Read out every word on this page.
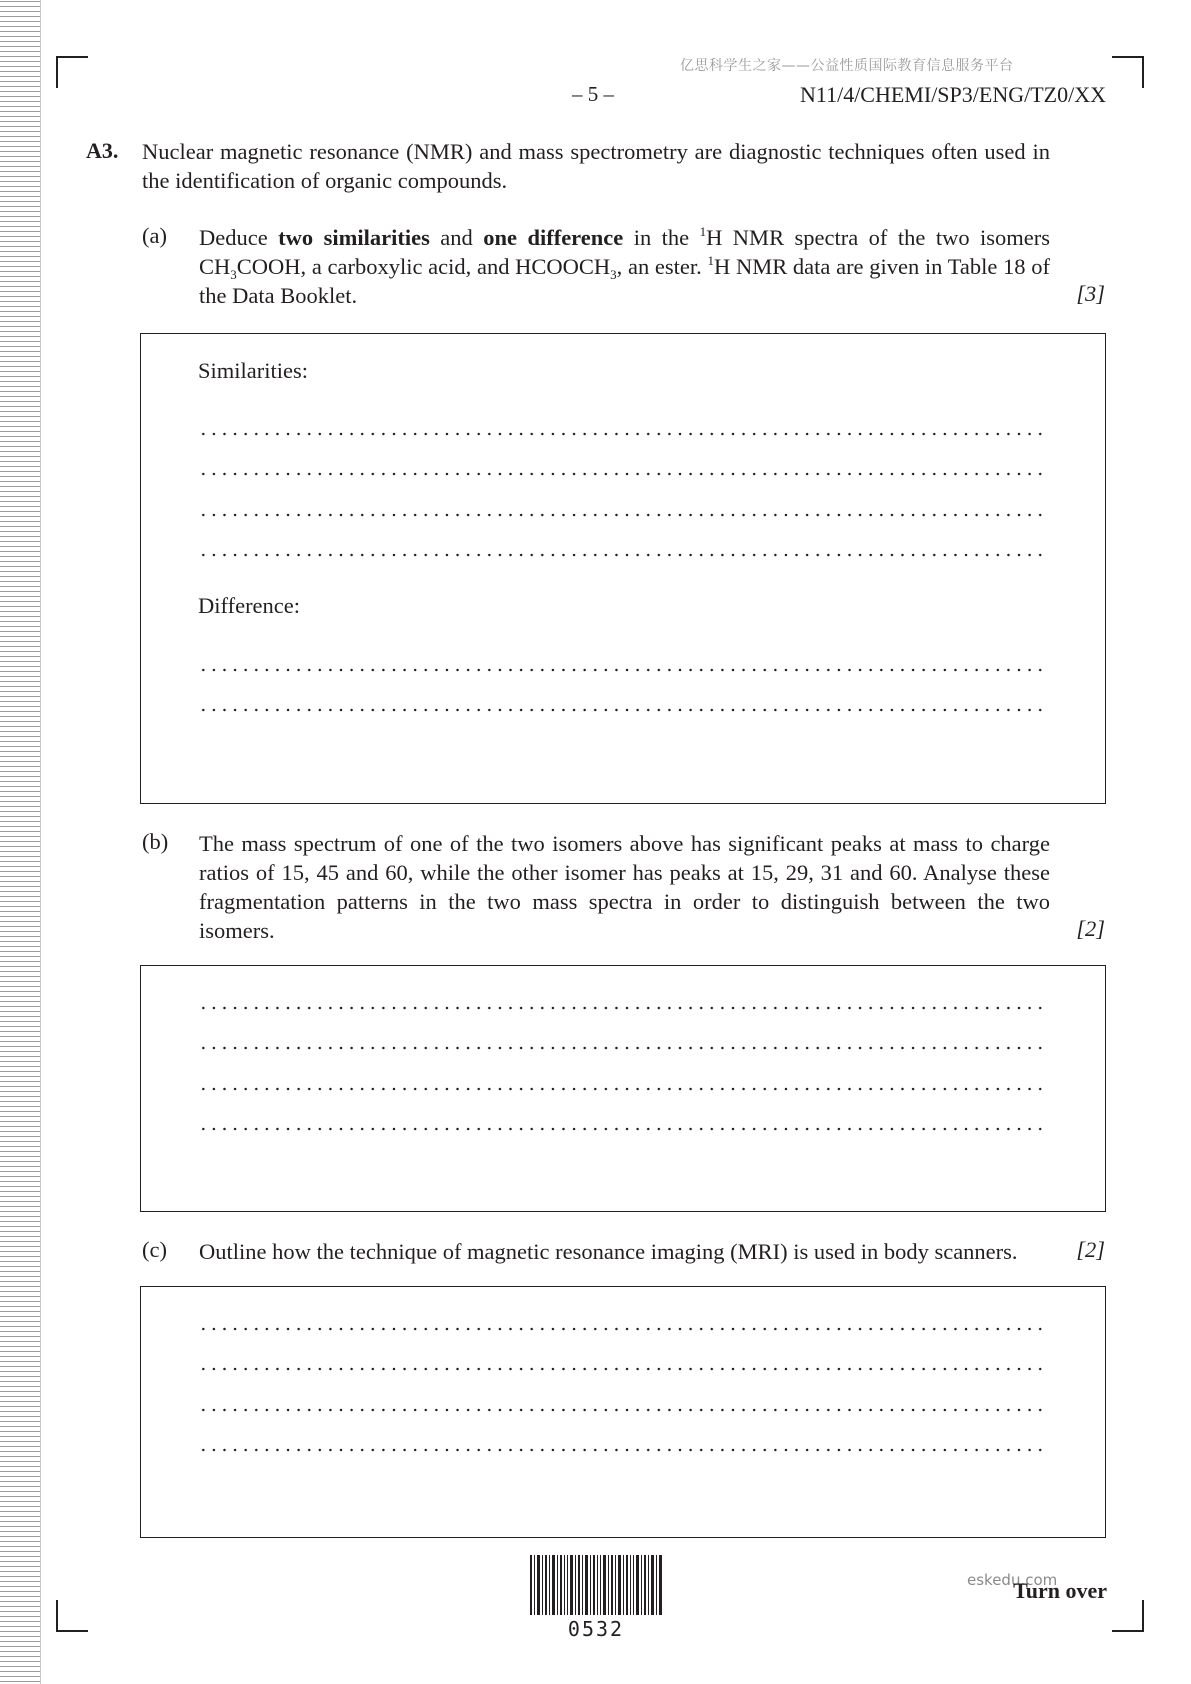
亿思科学生之家——公益性质国际教育信息服务平台
– 5 –	N11/4/CHEMI/SP3/ENG/TZ0/XX
A3. Nuclear magnetic resonance (NMR) and mass spectrometry are diagnostic techniques often used in the identification of organic compounds.
(a) Deduce two similarities and one difference in the $^1$H NMR spectra of the two isomers $CH_3COOH$, a carboxylic acid, and $HCOOCH_3$, an ester. $^1$H NMR data are given in Table 18 of the Data Booklet.	[3]
Similarities:
Difference:
(b) The mass spectrum of one of the two isomers above has significant peaks at mass to charge ratios of 15, 45 and 60, while the other isomer has peaks at 15, 29, 31 and 60. Analyse these fragmentation patterns in the two mass spectra in order to distinguish between the two isomers.	[2]
(c) Outline how the technique of magnetic resonance imaging (MRI) is used in body scanners.	[2]
0532
eskedu.com
Turn over
